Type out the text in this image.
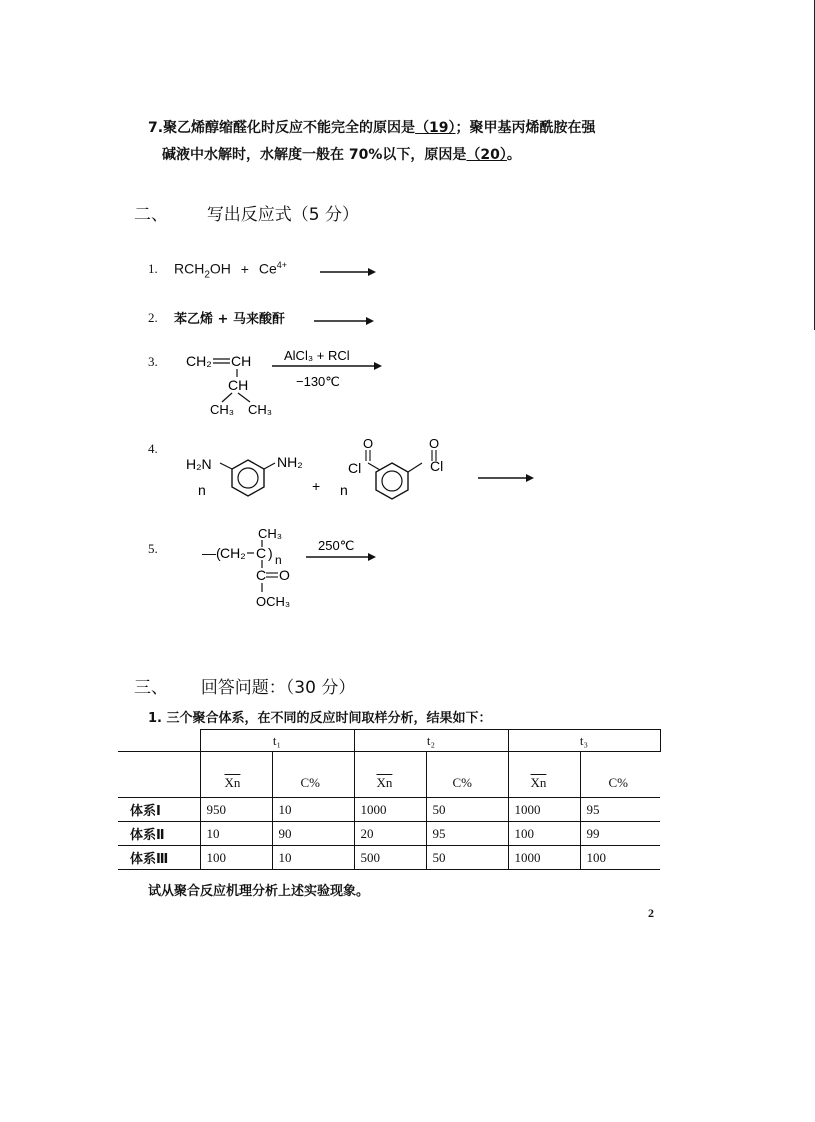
7.聚乙烯醇缩醛化时反应不能完全的原因是（19）；聚甲基丙烯酰胺在强
碱液中水解时，水解度一般在 70%以下，原因是（20）。
二、 写出反应式（5 分）
1. $RCH_2OH + Ce^{4+}$
2. 苯乙烯 + 马来酸酐
3. CH₂ CH
CH
CH₃ CH₃
AlCl₃ + RCl
−130℃
4.
H₂N
n
NH₂
+ n
Cl
O	O
Cl
5.
CH₃
—( CH₂ C ) n
C O
OCH₃
250℃
三、 回答问题：（30 分）
1. 三个聚合体系，在不同的反应时间取样分析，结果如下：
	t₁		t₂		t₃	
	$\overline{Xn}$	C%	$\overline{Xn}$	C%	$\overline{Xn}$	C%
体系Ⅰ	950	10	1000	50	1000	95
体系Ⅱ	10	90	20	95	100	99
体系Ⅲ	100	10	500	50	1000	100
试从聚合反应机理分析上述实验现象。
2
